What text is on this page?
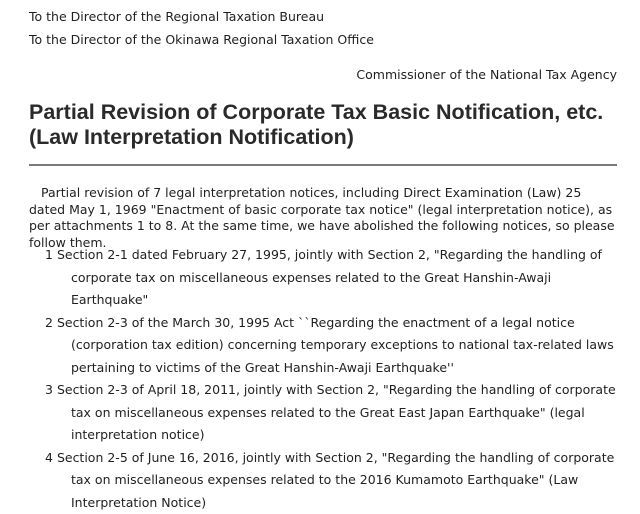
To the Director of the Regional Taxation Bureau
To the Director of the Okinawa Regional Taxation Office
Commissioner of the National Tax Agency
Partial Revision of Corporate Tax Basic Notification, etc. (Law Interpretation Notification)

Partial revision of 7 legal interpretation notices, including Direct Examination (Law) 25 dated May 1, 1969 "Enactment of basic corporate tax notice" (legal interpretation notice), as per attachments 1 to 8. At the same time, we have abolished the following notices, so please follow them.

1 Section 2-1 dated February 27, 1995, jointly with Section 2, "Regarding the handling of corporate tax on miscellaneous expenses related to the Great Hanshin-Awaji Earthquake"

2 Section 2-3 of the March 30, 1995 Act ``Regarding the enactment of a legal notice (corporation tax edition) concerning temporary exceptions to national tax-related laws pertaining to victims of the Great Hanshin-Awaji Earthquake''

3 Section 2-3 of April 18, 2011, jointly with Section 2, "Regarding the handling of corporate tax on miscellaneous expenses related to the Great East Japan Earthquake" (legal interpretation notice)

4 Section 2-5 of June 16, 2016, jointly with Section 2, "Regarding the handling of corporate tax on miscellaneous expenses related to the 2016 Kumamoto Earthquake" (Law Interpretation Notice)
